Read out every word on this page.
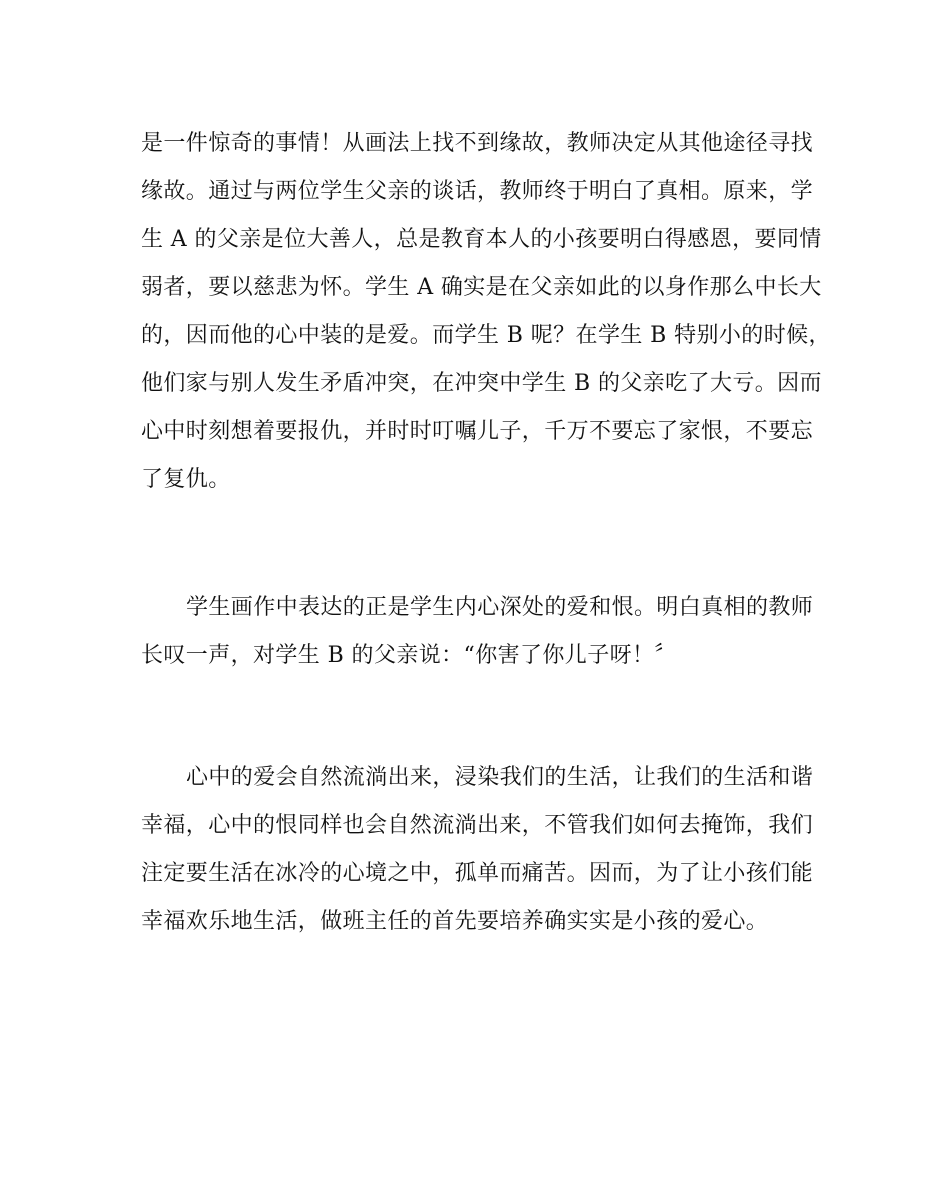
是一件惊奇的事情！从画法上找不到缘故，教师决定从其他途径寻找
缘故。通过与两位学生父亲的谈话，教师终于明白了真相。原来，学
生 A 的父亲是位大善人，总是教育本人的小孩要明白得感恩，要同情
弱者，要以慈悲为怀。学生 A 确实是在父亲如此的以身作那么中长大
的，因而他的心中装的是爱。而学生 B 呢？在学生 B 特别小的时候，
他们家与别人发生矛盾冲突，在冲突中学生 B 的父亲吃了大亏。因而
心中时刻想着要报仇，并时时叮嘱儿子，千万不要忘了家恨，不要忘
了复仇。
学生画作中表达的正是学生内心深处的爱和恨。明白真相的教师
长叹一声，对学生 B 的父亲说：“你害了你儿子呀！〞
心中的爱会自然流淌出来，浸染我们的生活，让我们的生活和谐
幸福，心中的恨同样也会自然流淌出来，不管我们如何去掩饰，我们
注定要生活在冰冷的心境之中，孤单而痛苦。因而，为了让小孩们能
幸福欢乐地生活，做班主任的首先要培养确实实是小孩的爱心。
